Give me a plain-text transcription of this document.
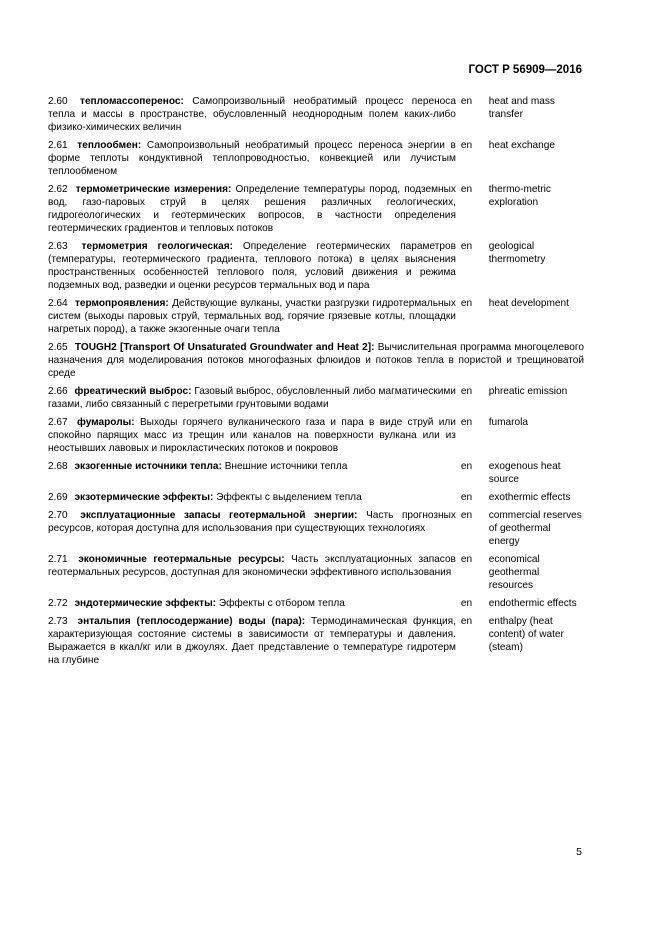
ГОСТ Р 56909—2016
2.60 тепломассоперенос: Самопроизвольный необратимый процесс переноса тепла и массы в пространстве, обусловленный неоднородным полем каких-либо физико-химических величин
en	heat and mass transfer
2.61 теплообмен: Самопроизвольный необратимый процесс переноса энергии в форме теплоты кондуктивной теплопроводностью, конвекцией или лучистым теплообменом
en	heat exchange
2.62 термометрические измерения: Определение температуры пород, подземных вод, газо-паровых струй в целях решения различных геологических, гидрогеологических и геотермических вопросов, в частности определения геотермических градиентов и тепловых потоков
en	thermo-metric exploration
2.63 термометрия геологическая: Определение геотермических параметров (температуры, геотермического градиента, теплового потока) в целях выяснения пространственных особенностей теплового поля, условий движения и режима подземных вод, разведки и оценки ресурсов термальных вод и пара
en	geological thermometry
2.64 термопроявления: Действующие вулканы, участки разгрузки гидротермальных систем (выходы паровых струй, термальных вод, горячие грязевые котлы, площадки нагретых пород), а также экзогенные очаги тепла
en	heat development
2.65 TOUGH2 [Transport Of Unsaturated Groundwater and Heat 2]: Вычислительная программа многоцелевого назначения для моделирования потоков многофазных флюидов и потоков тепла в пористой и трещиноватой среде
2.66 фреатический выброс: Газовый выброс, обусловленный либо магматическими газами, либо связанный с перегретыми грунтовыми водами
en	phreatic emission
2.67 фумаролы: Выходы горячего вулканического газа и пара в виде струй или спокойно парящих масс из трещин или каналов на поверхности вулкана или из неостывших лавовых и пирокластических потоков и покровов
en	fumarola
2.68 экзогенные источники тепла: Внешние источники тепла	en	exogenous heat source
2.69 экзотермические эффекты: Эффекты с выделением тепла	en	exothermic effects
2.70 эксплуатационные запасы геотермальной энергии: Часть прогнозных ресурсов, которая доступна для использования при существующих технологиях
en	commercial reserves of geothermal energy
2.71 экономичные геотермальные ресурсы: Часть эксплуатационных запасов геотермальных ресурсов, доступная для экономически эффективного использования
en	economical geothermal resources
2.72 эндотермические эффекты: Эффекты с отбором тепла	en	endothermic effects
2.73 энтальпия (теплосодержание) воды (пара): Термодинамическая функция, характеризующая состояние системы в зависимости от температуры и давления. Выражается в ккал/кг или в джоулях. Дает представление о температуре гидротерм на глубине
en	enthalpy (heat content) of water (steam)
5
